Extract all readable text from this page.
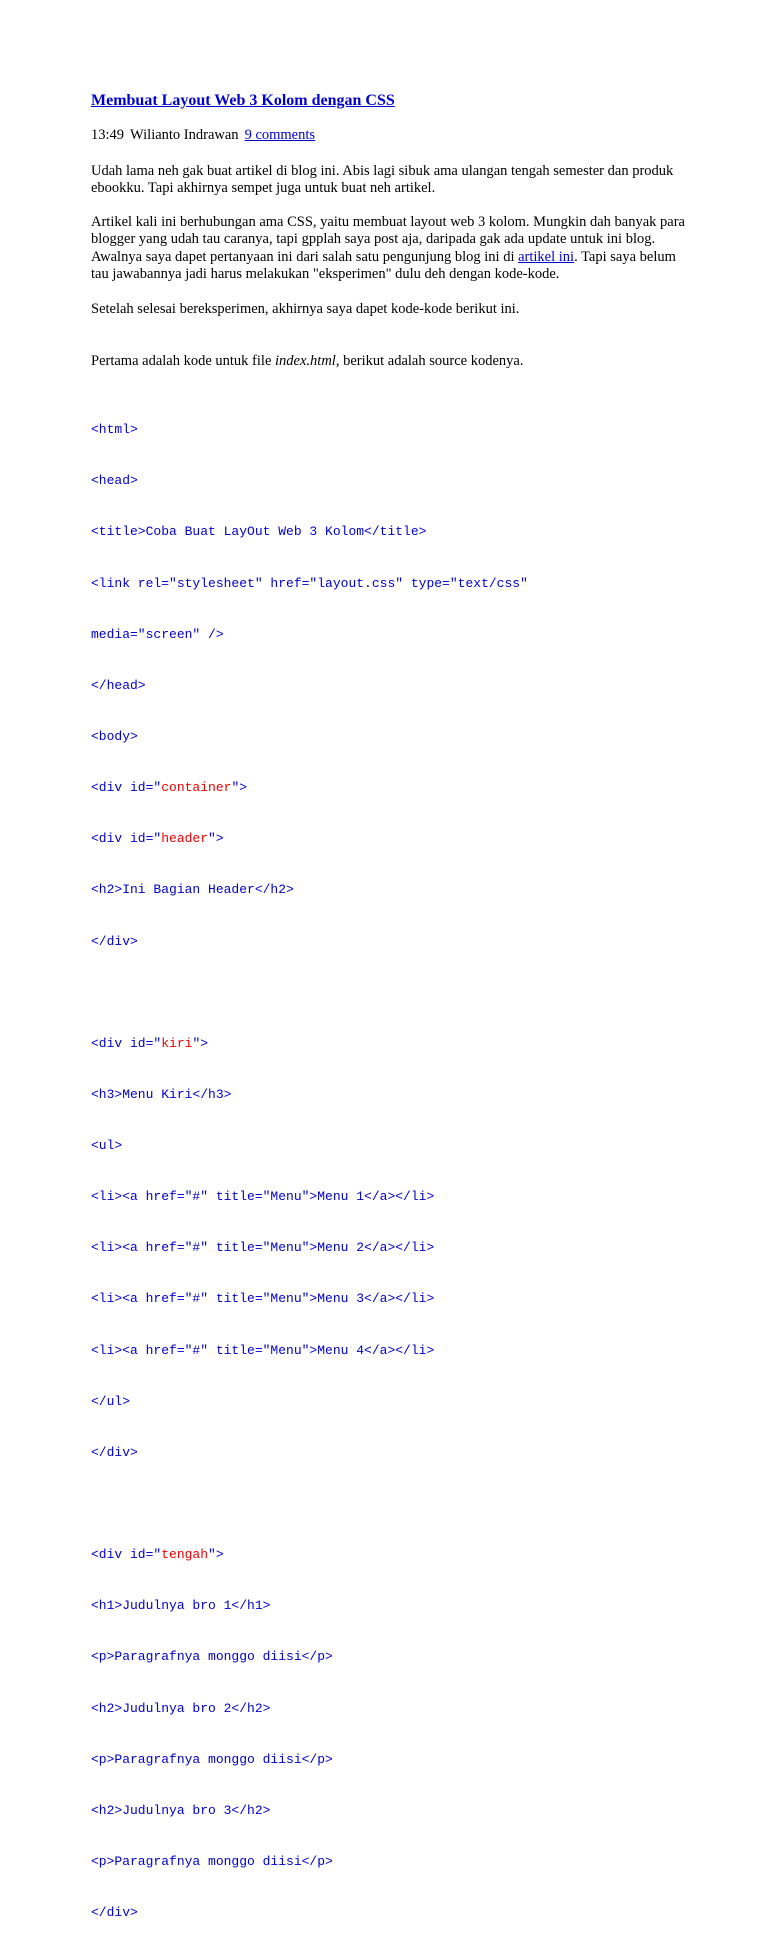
Membuat Layout Web 3 Kolom dengan CSS
13:49 Wilianto Indrawan 9 comments

Udah lama neh gak buat artikel di blog ini. Abis lagi sibuk ama ulangan tengah semester dan produk ebookku. Tapi akhirnya sempet juga untuk buat neh artikel.

Artikel kali ini berhubungan ama CSS, yaitu membuat layout web 3 kolom. Mungkin dah banyak para blogger yang udah tau caranya, tapi gpplah saya post aja, daripada gak ada update untuk ini blog. Awalnya saya dapet pertanyaan ini dari salah satu pengunjung blog ini di artikel ini. Tapi saya belum tau jawabannya jadi harus melakukan "eksperimen" dulu deh dengan kode-kode.

Setelah selesai bereksperimen, akhirnya saya dapet kode-kode berikut ini.

Pertama adalah kode untuk file index.html, berikut adalah source kodenya.

<html>

<head>

<title>Coba Buat LayOut Web 3 Kolom</title>

<link rel="stylesheet" href="layout.css" type="text/css"

media="screen" />

</head>

<body>

<div id="container">

<div id="header">

<h2>Ini Bagian Header</h2>

</div>

<div id="kiri">

<h3>Menu Kiri</h3>

<ul>

<li><a href="#" title="Menu">Menu 1</a></li>

<li><a href="#" title="Menu">Menu 2</a></li>

<li><a href="#" title="Menu">Menu 3</a></li>

<li><a href="#" title="Menu">Menu 4</a></li>

</ul>

</div>

<div id="tengah">

<h1>Judulnya bro 1</h1>

<p>Paragrafnya monggo diisi</p>

<h2>Judulnya bro 2</h2>

<p>Paragrafnya monggo diisi</p>

<h2>Judulnya bro 3</h2>

<p>Paragrafnya monggo diisi</p>

</div>
